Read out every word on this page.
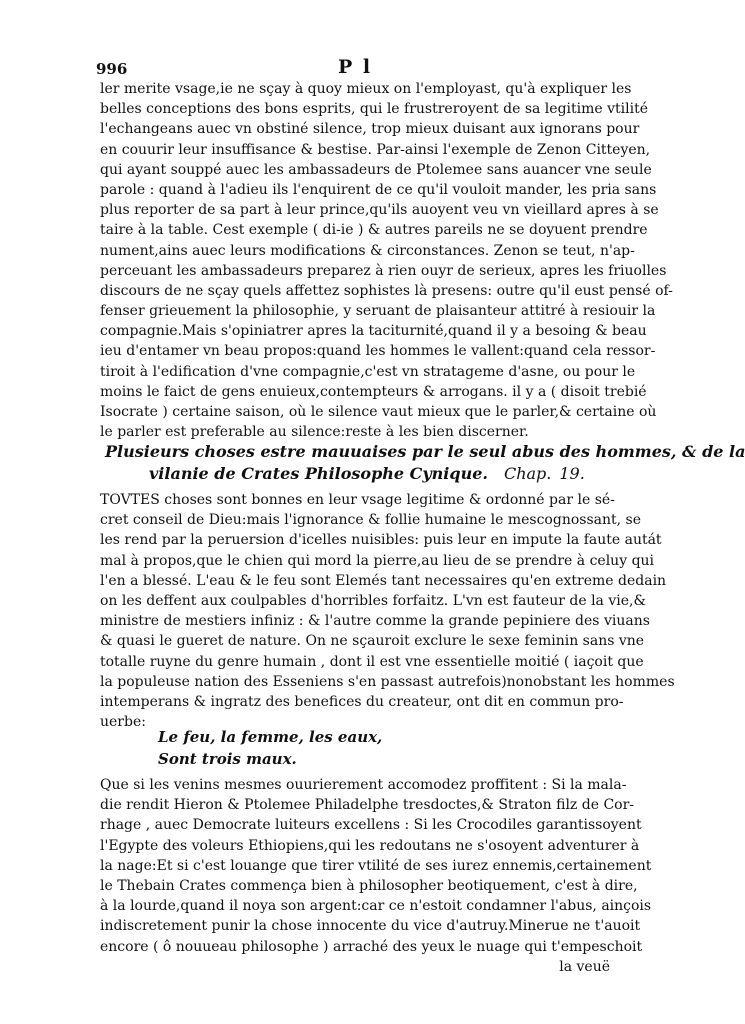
996	P l
ler merite vsage,ie ne sçay à quoy mieux on l'employast, qu'à expliquer les
belles conceptions des bons esprits, qui le frustreroyent de sa legitime vtilité
l'echangeans auec vn obstiné silence, trop mieux duisant aux ignorans pour
en couurir leur insuffisance & bestise. Par-ainsi l'exemple de Zenon Citteyen,
qui ayant souppé auec les ambassadeurs de Ptolemee sans auancer vne seule
parole : quand à l'adieu ils l'enquirent de ce qu'il vouloit mander, les pria sans
plus reporter de sa part à leur prince,qu'ils auoyent veu vn vieillard apres à se
taire à la table. Cest exemple ( di-ie ) & autres pareils ne se doyuent prendre
nument,ains auec leurs modifications & circonstances. Zenon se teut, n'ap-
perceuant les ambassadeurs preparez à rien ouyr de serieux, apres les friuolles
discours de ne sçay quels affettez sophistes là presens: outre qu'il eust pensé of-
fenser grieuement la philosophie, y seruant de plaisanteur attitré à resiouir la
compagnie.Mais s'opiniatrer apres la taciturnité,quand il y a besoing & beau
ieu d'entamer vn beau propos:quand les hommes le vallent:quand cela ressor-
tiroit à l'edification d'vne compagnie,c'est vn stratageme d'asne, ou pour le
moins le faict de gens enuieux,contempteurs & arrogans. il y a ( disoit trebié
Isocrate ) certaine saison, où le silence vaut mieux que le parler,& certaine où
le parler est preferable au silence:reste à les bien discerner.
Plusieurs choses estre mauuaises par le seul abus des hommes, & de la
vilanie de Crates Philosophe Cynique. Chap. 19.
TOVTES choses sont bonnes en leur vsage legitime & ordonné par le sé-
cret conseil de Dieu:mais l'ignorance & follie humaine le mescognossant, se
les rend par la peruersion d'icelles nuisibles: puis leur en impute la faute autát
mal à propos,que le chien qui mord la pierre,au lieu de se prendre à celuy qui
l'en a blessé. L'eau & le feu sont Elemés tant necessaires qu'en extreme dedain
on les deffent aux coulpables d'horribles forfaitz. L'vn est fauteur de la vie,&
ministre de mestiers infiniz : & l'autre comme la grande pepiniere des viuans
& quasi le gueret de nature. On ne sçauroit exclure le sexe feminin sans vne
totalle ruyne du genre humain , dont il est vne essentielle moitié ( iaçoit que
la populeuse nation des Esseniens s'en passast autrefois)nonobstant les hommes
intemperans & ingratz des benefices du createur, ont dit en commun pro-
uerbe:
Le feu, la femme, les eaux,
Sont trois maux.
Que si les venins mesmes ouurierement accomodez proffitent : Si la mala-
die rendit Hieron & Ptolemee Philadelphe tresdoctes,& Straton filz de Cor-
rhage , auec Democrate luiteurs excellens : Si les Crocodiles garantissoyent
l'Egypte des voleurs Ethiopiens,qui les redoutans ne s'osoyent adventurer à
la nage:Et si c'est louange que tirer vtilité de ses iurez ennemis,certainement
le Thebain Crates commença bien à philosopher beotiquement, c'est à dire,
à la lourde,quand il noya son argent:car ce n'estoit condamner l'abus, ainçois
indiscretement punir la chose innocente du vice d'autruy.Minerue ne t'auoit
encore ( ô nouueau philosophe ) arraché des yeux le nuage qui t'empeschoit
la veuë
